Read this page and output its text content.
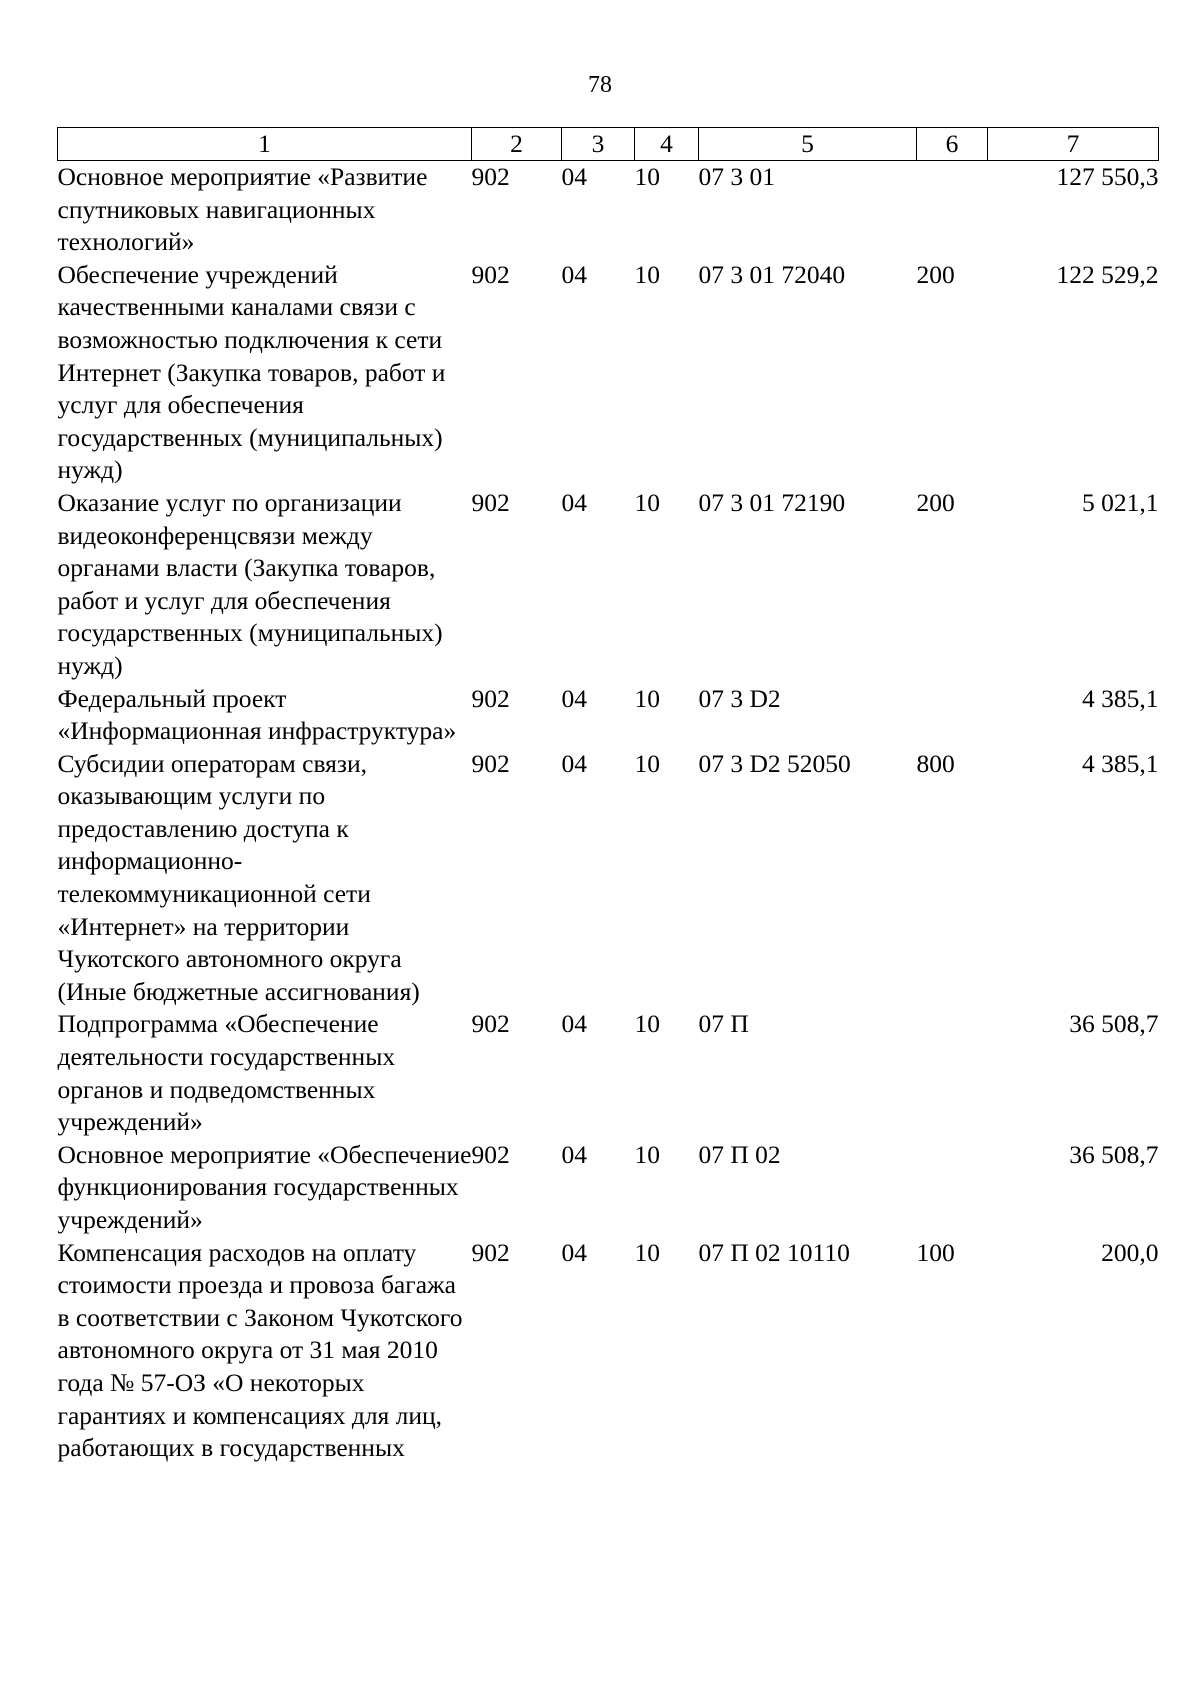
78
1	2	3	4	5	6	7
Основное мероприятие «Развитие спутниковых навигационных технологий»	902	04	10	07 3 01		127 550,3
Обеспечение учреждений качественными каналами связи с возможностью подключения к сети Интернет (Закупка товаров, работ и услуг для обеспечения государственных (муниципальных) нужд)	902	04	10	07 3 01 72040	200	122 529,2
Оказание услуг по организации видеоконференцсвязи между органами власти (Закупка товаров, работ и услуг для обеспечения государственных (муниципальных) нужд)	902	04	10	07 3 01 72190	200	5 021,1
Федеральный проект «Информационная инфраструктура»	902	04	10	07 3 D2		4 385,1
Субсидии операторам связи, оказывающим услуги по предоставлению доступа к информационно-телекоммуникационной сети «Интернет» на территории Чукотского автономного округа (Иные бюджетные ассигнования)	902	04	10	07 3 D2 52050	800	4 385,1
Подпрограмма «Обеспечение деятельности государственных органов и подведомственных учреждений»	902	04	10	07 П		36 508,7
Основное мероприятие «Обеспечение функционирования государственных учреждений»	902	04	10	07 П 02		36 508,7
Компенсация расходов на оплату стоимости проезда и провоза багажа в соответствии с Законом Чукотского автономного округа от 31 мая 2010 года № 57-ОЗ «О некоторых гарантиях и компенсациях для лиц, работающих в государственных	902	04	10	07 П 02 10110	100	200,0
